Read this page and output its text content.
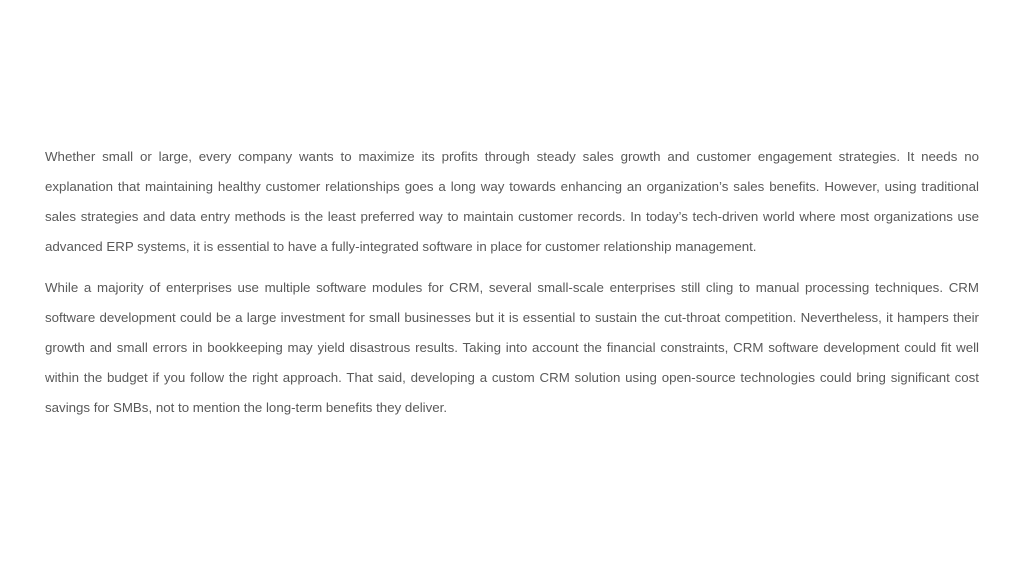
Whether small or large, every company wants to maximize its profits through steady sales growth and customer engagement strategies. It needs no explanation that maintaining healthy customer relationships goes a long way towards enhancing an organization’s sales benefits. However, using traditional sales strategies and data entry methods is the least preferred way to maintain customer records. In today’s tech-driven world where most organizations use advanced ERP systems, it is essential to have a fully-integrated software in place for customer relationship management.

While a majority of enterprises use multiple software modules for CRM, several small-scale enterprises still cling to manual processing techniques. CRM software development could be a large investment for small businesses but it is essential to sustain the cut-throat competition. Nevertheless, it hampers their growth and small errors in bookkeeping may yield disastrous results. Taking into account the financial constraints, CRM software development could fit well within the budget if you follow the right approach. That said, developing a custom CRM solution using open-source technologies could bring significant cost savings for SMBs, not to mention the long-term benefits they deliver.
